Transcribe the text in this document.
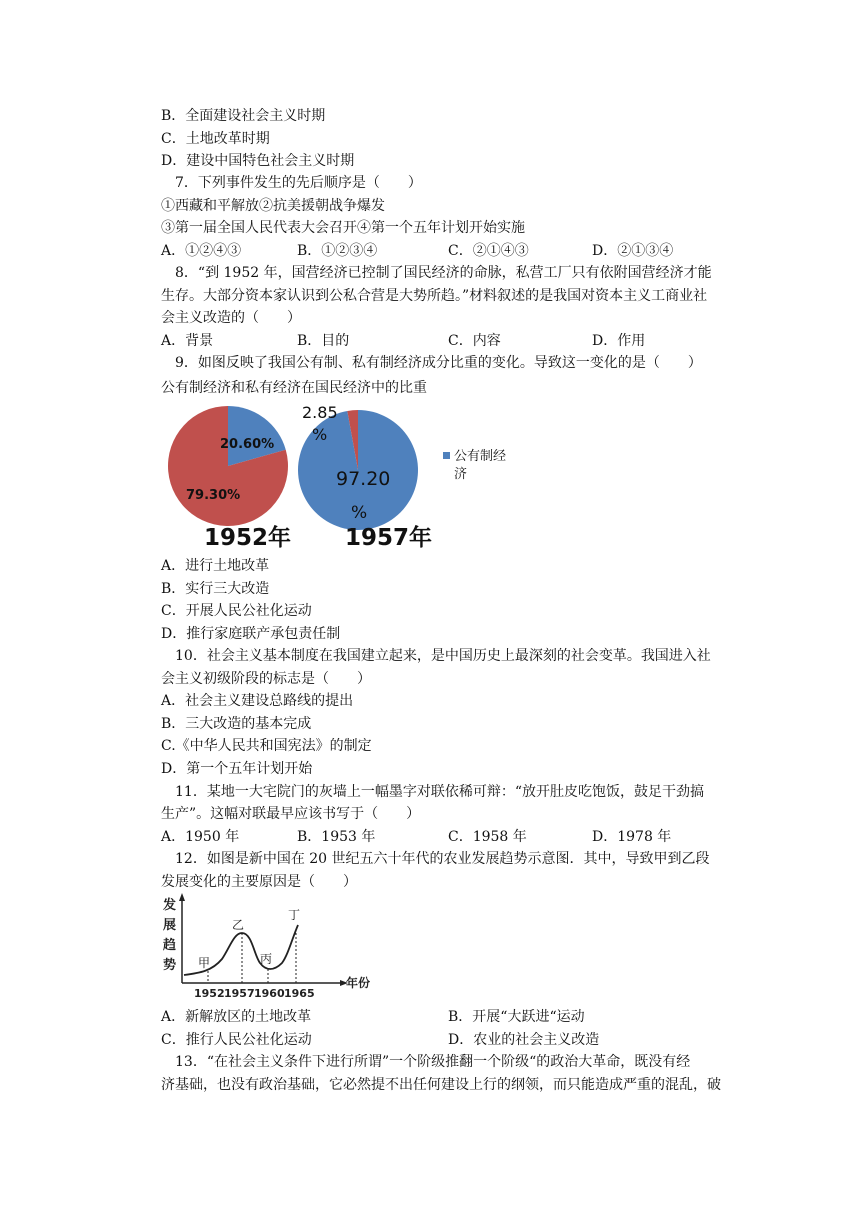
B．全面建设社会主义时期
C．土地改革时期
D．建设中国特色社会主义时期
7．下列事件发生的先后顺序是（　　）
①西藏和平解放②抗美援朝战争爆发
③第一届全国人民代表大会召开④第一个五年计划开始实施
A．①②④③	B．①②③④	C．②①④③	D．②①③④
8．“到 1952 年，国营经济已控制了国民经济的命脉，私营工厂只有依附国营经济才能
生存。大部分资本家认识到公私合营是大势所趋。”材料叙述的是我国对资本主义工商业社
会主义改造的（　　）
A．背景	B．目的	C．内容	D．作用
9．如图反映了我国公有制、私有制经济成分比重的变化。导致这一变化的是（　　）
公有制经济和私有经济在国民经济中的比重
20.60%
79.30%
1952年
2.85
%
97.20
%
1957年
公有制经
济
A．进行土地改革
B．实行三大改造
C．开展人民公社化运动
D．推行家庭联产承包责任制
10．社会主义基本制度在我国建立起来，是中国历史上最深刻的社会变革。我国进入社
会主义初级阶段的标志是（　　）
A．社会主义建设总路线的提出
B．三大改造的基本完成
C.《中华人民共和国宪法》的制定
D．第一个五年计划开始
11．某地一大宅院门的灰墙上一幅墨字对联依稀可辩：“放开肚皮吃饱饭，鼓足干劲搞
生产”。这幅对联最早应该书写于（　　）
A．1950 年	B．1953 年	C．1958 年	D．1978 年
12．如图是新中国在 20 世纪五六十年代的农业发展趋势示意图．其中，导致甲到乙段
发展变化的主要原因是（　　）
发
展
趋
势 甲
乙
丙
丁
1952 1957 1960 1965
年份
A．新解放区的土地改革	B．开展“大跃进“运动
C．推行人民公社化运动	D．农业的社会主义改造
13．“在社会主义条件下进行所谓”一个阶级推翻一个阶级“的政治大革命，既没有经
济基础，也没有政治基础，它必然提不出任何建设上行的纲领，而只能造成严重的混乱，破
